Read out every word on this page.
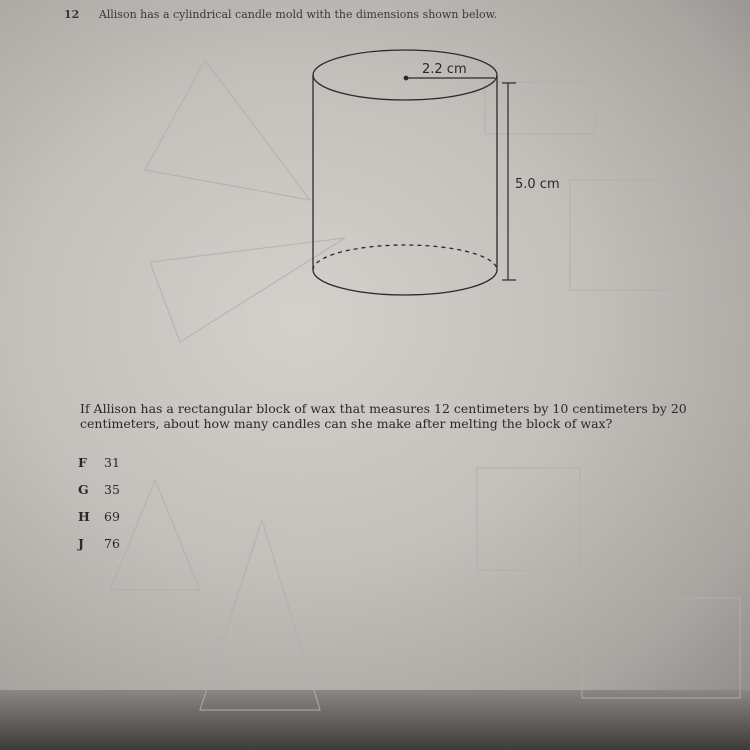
12 Allison has a cylindrical candle mold with the dimensions shown below.
2.2 cm
5.0 cm
If Allison has a rectangular block of wax that measures 12 centimeters by 10 centimeters by 20 centimeters, about how many candles can she make after melting the block of wax?
F 31
G 35
H 69
J 76
